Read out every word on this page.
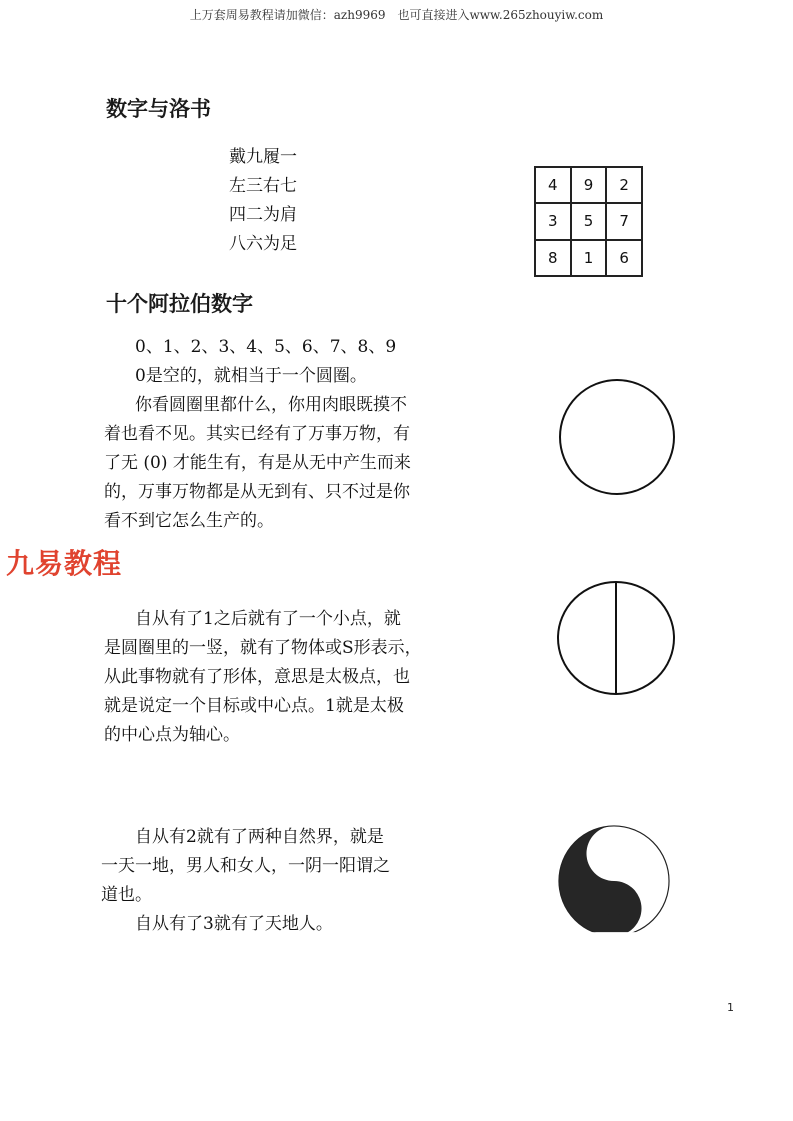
上万套周易教程请加微信：azh9969　也可直接进入www.265zhouyiw.com
数字与洛书
戴九履一
左三右七
四二为肩
八六为足
4	9	2
3	5	7
8	1	6
十个阿拉伯数字
0、1、2、3、4、5、6、7、8、9

0是空的，就相当于一个圆圈。

你看圆圈里都什么，你用肉眼既摸不

着也看不见。其实已经有了万事万物，有

了无 (0) 才能生有，有是从无中产生而来

的，万事万物都是从无到有、只不过是你

看不到它怎么生产的。

九易教程

自从有了1之后就有了一个小点，就

是圆圈里的一竖，就有了物体或S形表示，

从此事物就有了形体，意思是太极点，也

就是说定一个目标或中心点。1就是太极

的中心点为轴心。

自从有2就有了两种自然界，就是

一天一地，男人和女人，一阴一阳谓之

道也。

自从有了3就有了天地人。
1
